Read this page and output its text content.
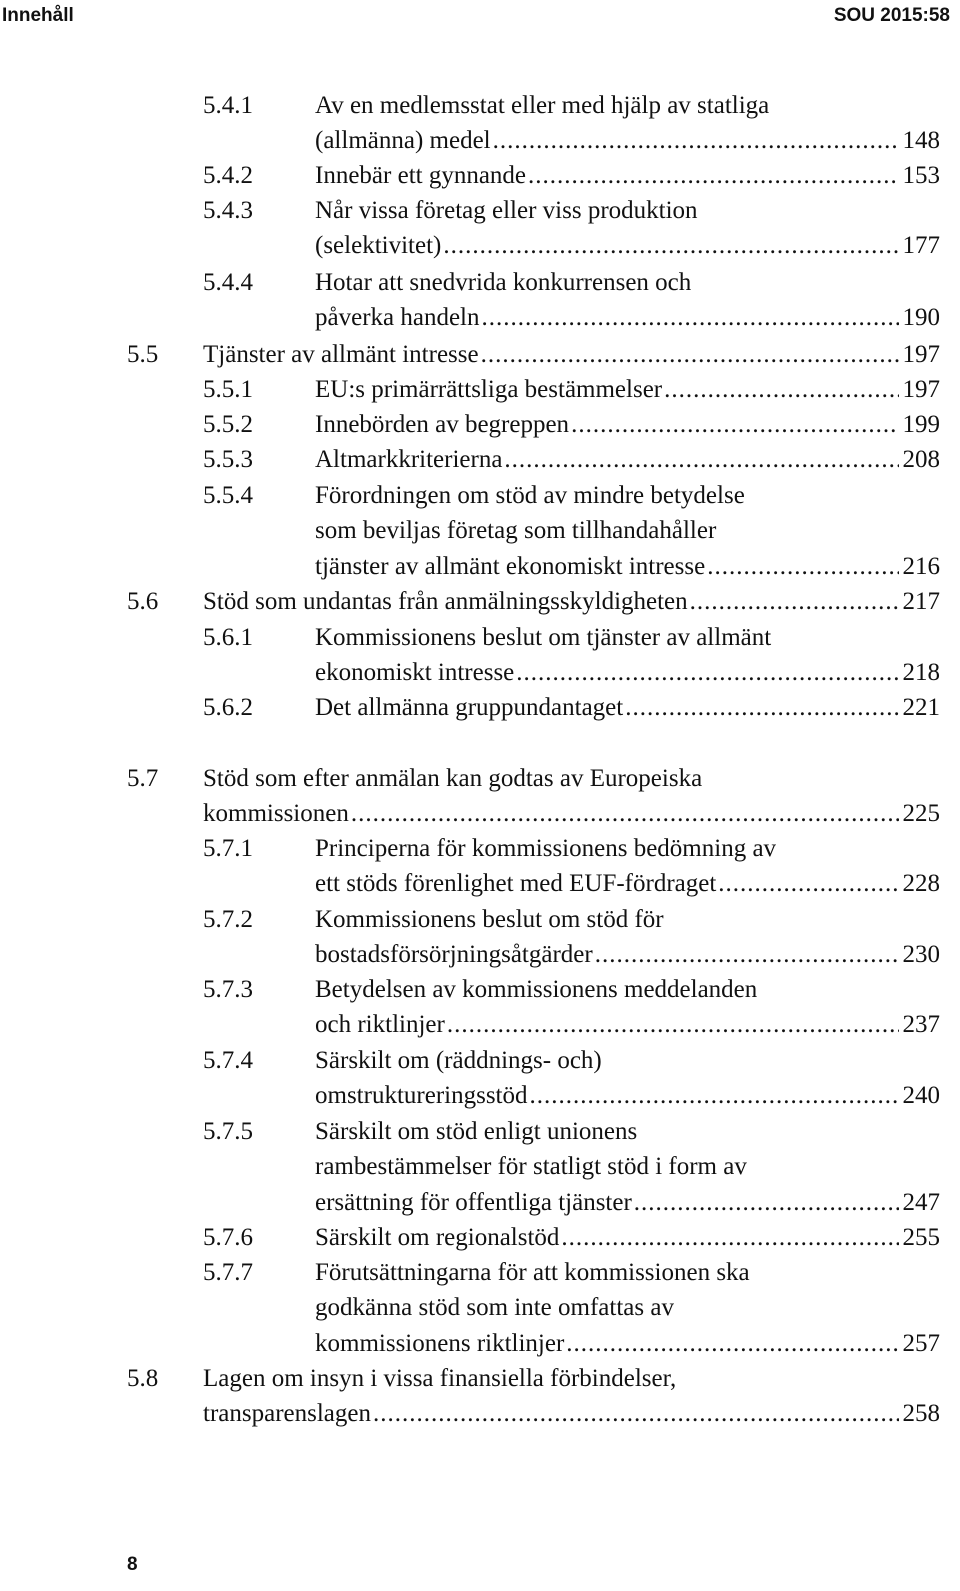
Innehåll	SOU 2015:58
5.4.1 Av en medlemsstat eller med hjälp av statliga
(allmänna) medel .....	148
5.4.2 Innebär ett gynnande .....	153
5.4.3 Når vissa företag eller viss produktion
(selektivitet) .....	177
5.4.4 Hotar att snedvrida konkurrensen och
påverka handeln .....	190
5.5 Tjänster av allmänt intresse .....	197
5.5.1 EU:s primärrättsliga bestämmelser .....	197
5.5.2 Innebörden av begreppen .....	199
5.5.3 Altmarkkriterierna .....	208
5.5.4 Förordningen om stöd av mindre betydelse
som beviljas företag som tillhandahåller
tjänster av allmänt ekonomiskt intresse .....	216
5.6 Stöd som undantas från anmälningsskyldigheten .....	217
5.6.1 Kommissionens beslut om tjänster av allmänt
ekonomiskt intresse .....	218
5.6.2 Det allmänna gruppundantaget .....	221
5.7 Stöd som efter anmälan kan godtas av Europeiska
kommissionen .....	225
5.7.1 Principerna för kommissionens bedömning av
ett stöds förenlighet med EUF-fördraget .....	228
5.7.2 Kommissionens beslut om stöd för
bostadsförsörjningsåtgärder .....	230
5.7.3 Betydelsen av kommissionens meddelanden
och riktlinjer .....	237
5.7.4 Särskilt om (räddnings- och)
omstruktureringsstöd .....	240
5.7.5 Särskilt om stöd enligt unionens
rambestämmelser för statligt stöd i form av
ersättning för offentliga tjänster .....	247
5.7.6 Särskilt om regionalstöd .....	255
5.7.7 Förutsättningarna för att kommissionen ska
godkänna stöd som inte omfattas av
kommissionens riktlinjer .....	257
5.8 Lagen om insyn i vissa finansiella förbindelser,
transparenslagen .....	258
8
